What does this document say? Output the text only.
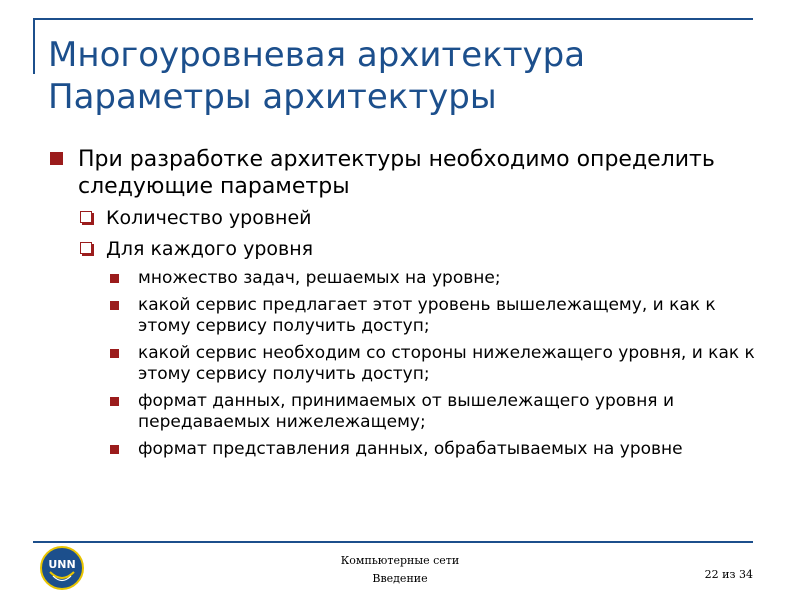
Многоуровневая архитектура
Параметры архитектуры
При разработке архитектуры необходимо определить следующие параметры
Количество уровней
Для каждого уровня
множество задач, решаемых на уровне;
какой сервис предлагает этот уровень вышележащему, и как к этому сервису получить доступ;
какой сервис необходим со стороны нижележащего уровня, и как к этому сервису получить доступ;
формат данных, принимаемых от вышележащего уровня и передаваемых нижележащему;
формат представления данных, обрабатываемых на уровне
UNN	Компьютерные сети
Введение	22 из 34
